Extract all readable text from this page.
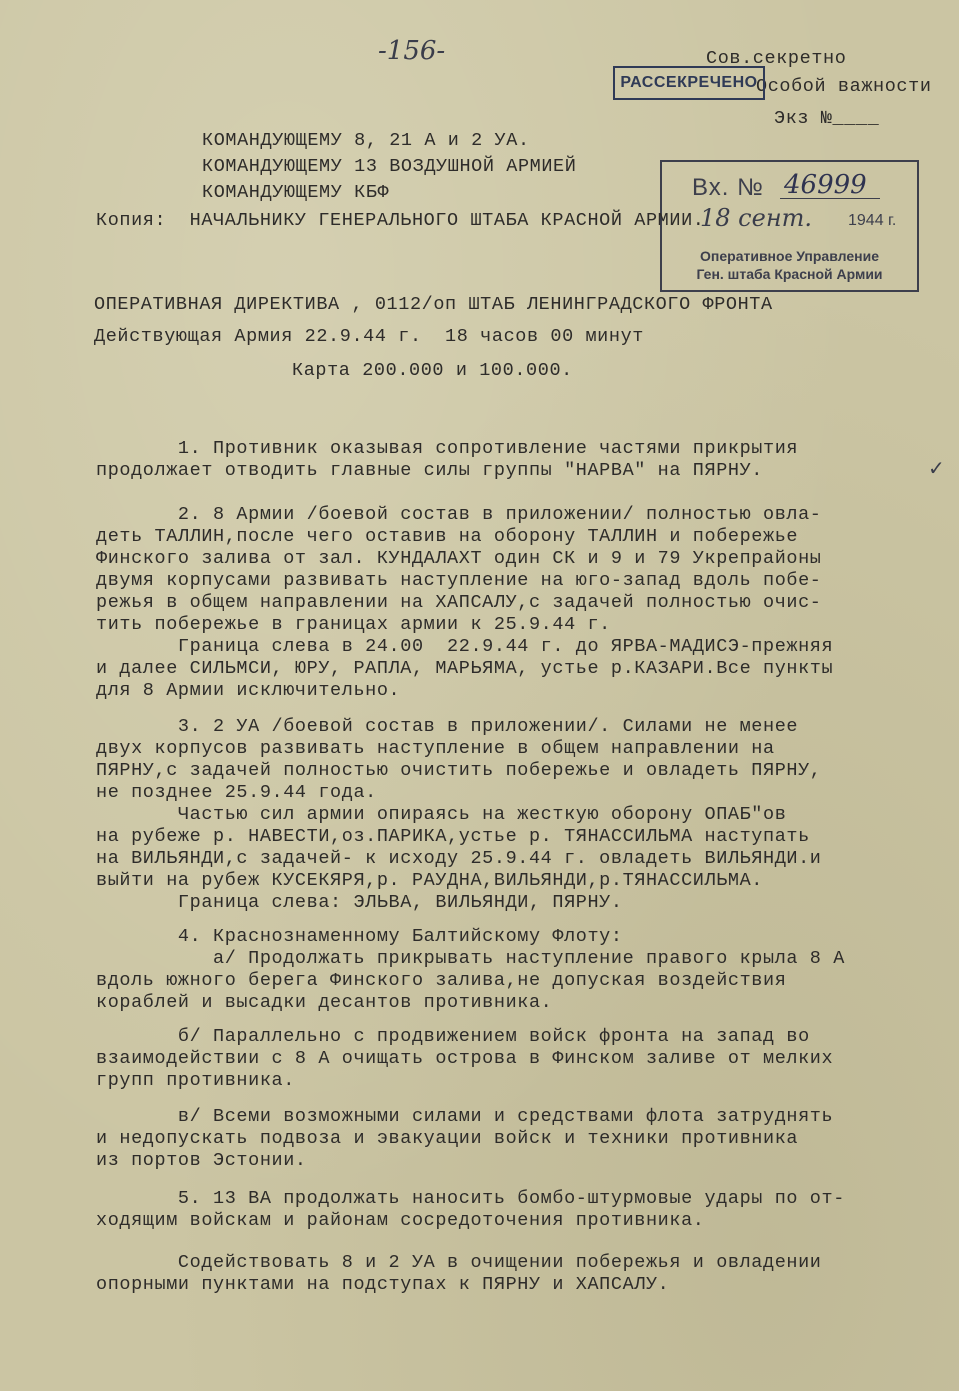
-156-	Сов.секретно
Особой важности
Экз №____
РАССЕКРЕЧЕНО
Вх. № 46999
1944 г.
Оперативное Управление
Ген. штаба Красной Армии
18 сент.
КОМАНДУЮЩЕМУ 8, 21 А и 2 УА.
КОМАНДУЮЩЕМУ 13 ВОЗДУШНОЙ АРМИЕЙ
КОМАНДУЮЩЕМУ КБФ
Копия:  НАЧАЛЬНИКУ ГЕНЕРАЛЬНОГО ШТАБА КРАСНОЙ АРМИИ.
ОПЕРАТИВНАЯ ДИРЕКТИВА , 0112/оп ШТАБ ЛЕНИНГРАДСКОГО ФРОНТА
Действующая Армия 22.9.44 г.  18 часов 00 минут
Карта 200.000 и 100.000.
✓
1. Противник оказывая сопротивление частями прикрытия
продолжает отводить главные силы группы "НАРВА" на ПЯРНУ.
2. 8 Армии /боевой состав в приложении/ полностью овла-
деть ТАЛЛИН,после чего оставив на оборону ТАЛЛИН и побережье
Финского залива от зал. КУНДАЛАХТ один СК и 9 и 79 Укрепрайоны
двумя корпусами развивать наступление на юго-запад вдоль побе-
режья в общем направлении на ХАПСАЛУ,с задачей полностью очис-
тить побережье в границах армии к 25.9.44 г.
Граница слева в 24.00  22.9.44 г. до ЯРВА-МАДИСЭ-прежняя
и далее СИЛЬМСИ, ЮРУ, РАПЛА, МАРЬЯМА, устье р.КАЗАРИ.Все пункты
для 8 Армии исключительно.
3. 2 УА /боевой состав в приложении/. Силами не менее
двух корпусов развивать наступление в общем направлении на
ПЯРНУ,с задачей полностью очистить побережье и овладеть ПЯРНУ,
не позднее 25.9.44 года.
Частью сил армии опираясь на жесткую оборону ОПАБ"ов
на рубеже р. НАВЕСТИ,оз.ПАРИКА,устье р. ТЯНАССИЛЬМА наступать
на ВИЛЬЯНДИ,с задачей- к исходу 25.9.44 г. овладеть ВИЛЬЯНДИ.и
выйти на рубеж КУСЕКЯРЯ,р. РАУДНА,ВИЛЬЯНДИ,р.ТЯНАССИЛЬМА.
Граница слева: ЭЛЬВА, ВИЛЬЯНДИ, ПЯРНУ.
4. Краснознаменному Балтийскому Флоту:
а/ Продолжать прикрывать наступление правого крыла 8 А
вдоль южного берега Финского залива,не допуская воздействия
кораблей и высадки десантов противника.
б/ Параллельно с продвижением войск фронта на запад во
взаимодействии с 8 А очищать острова в Финском заливе от мелких
групп противника.
в/ Всеми возможными силами и средствами флота затруднять
и недопускать подвоза и эвакуации войск и техники противника
из портов Эстонии.
5. 13 ВА продолжать наносить бомбо-штурмовые удары по от-
ходящим войскам и районам сосредоточения противника.
Содействовать 8 и 2 УА в очищении побережья и овладении
опорными пунктами на подступах к ПЯРНУ и ХАПСАЛУ.
